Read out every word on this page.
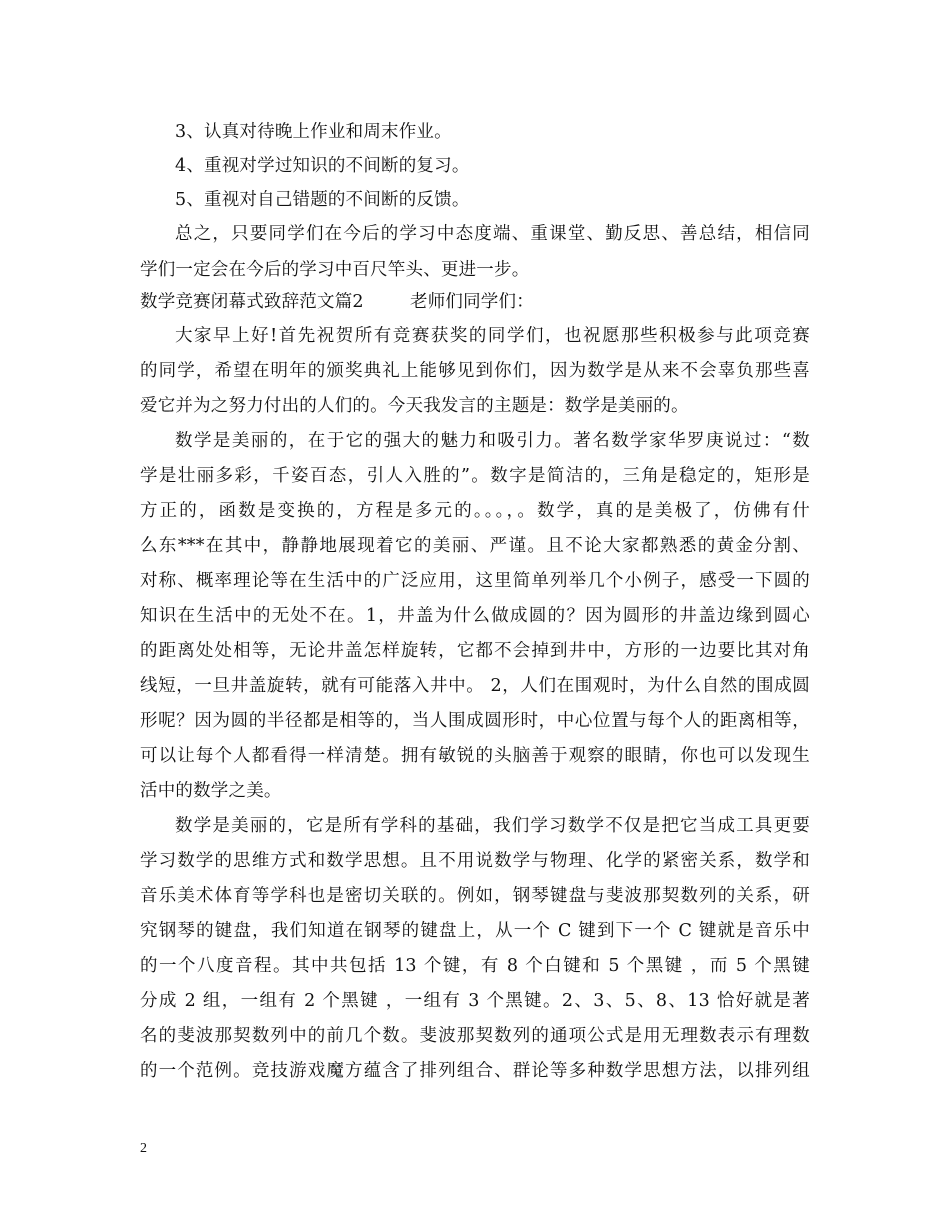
3、认真对待晚上作业和周末作业。
4、重视对学过知识的不间断的复习。
5、重视对自己错题的不间断的反馈。
总之，只要同学们在今后的学习中态度端、重课堂、勤反思、善总结，相信同
学们一定会在今后的学习中百尺竿头、更进一步。
数学竞赛闭幕式致辞范文篇2	老师们同学们：
大家早上好!首先祝贺所有竞赛获奖的同学们，也祝愿那些积极参与此项竞赛
的同学，希望在明年的颁奖典礼上能够见到你们，因为数学是从来不会辜负那些喜
爱它并为之努力付出的人们的。今天我发言的主题是：数学是美丽的。
数学是美丽的，在于它的强大的魅力和吸引力。著名数学家华罗庚说过：“数
学是壮丽多彩，千姿百态，引人入胜的”。数字是简洁的，三角是稳定的，矩形是
方正的，函数是变换的，方程是多元的。。。，。数学，真的是美极了，仿佛有什
么东***在其中，静静地展现着它的美丽、严谨。且不论大家都熟悉的黄金分割、
对称、概率理论等在生活中的广泛应用，这里简单列举几个小例子，感受一下圆的
知识在生活中的无处不在。1，井盖为什么做成圆的？因为圆形的井盖边缘到圆心
的距离处处相等，无论井盖怎样旋转，它都不会掉到井中，方形的一边要比其对角
线短，一旦井盖旋转，就有可能落入井中。 2，人们在围观时，为什么自然的围成圆
形呢？因为圆的半径都是相等的，当人围成圆形时，中心位置与每个人的距离相等，
可以让每个人都看得一样清楚。拥有敏锐的头脑善于观察的眼睛，你也可以发现生
活中的数学之美。
数学是美丽的，它是所有学科的基础，我们学习数学不仅是把它当成工具更要
学习数学的思维方式和数学思想。且不用说数学与物理、化学的紧密关系，数学和
音乐美术体育等学科也是密切关联的。例如，钢琴键盘与斐波那契数列的关系，研
究钢琴的键盘，我们知道在钢琴的键盘上，从一个 C 键到下一个 C 键就是音乐中
的一个八度音程。其中共包括 13 个键，有 8 个白键和 5 个黑键 ，而 5 个黑键
分成 2 组，一组有 2 个黑键 ，一组有 3 个黑键。2、3、5、8、13 恰好就是著
名的斐波那契数列中的前几个数。斐波那契数列的通项公式是用无理数表示有理数
的一个范例。竞技游戏魔方蕴含了排列组合、群论等多种数学思想方法，以排列组
2
